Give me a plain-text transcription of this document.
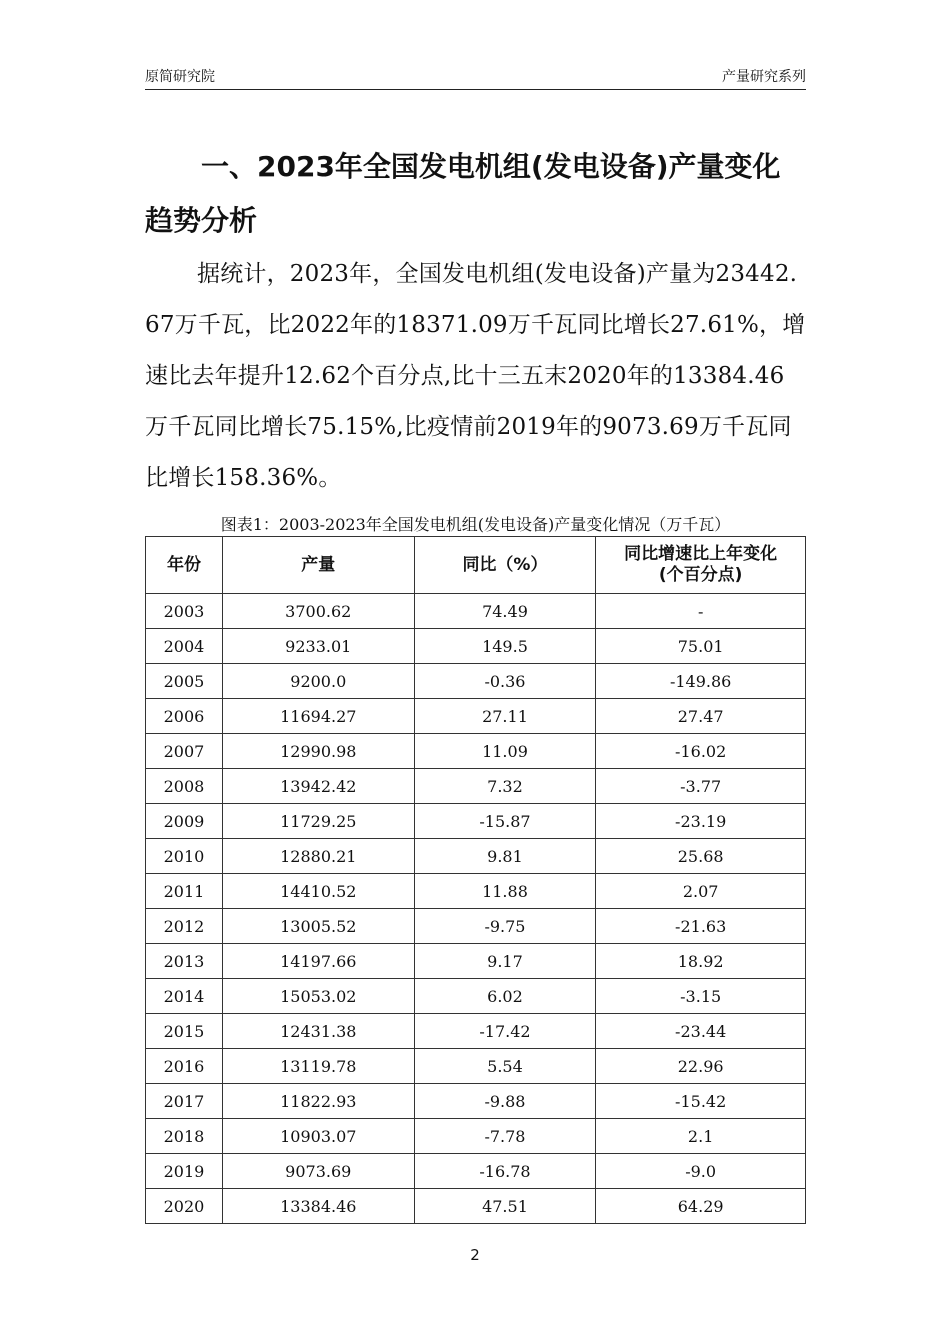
原简研究院	产量研究系列
一、2023年全国发电机组(发电设备)产量变化趋势分析

据统计，2023年，全国发电机组(发电设备)产量为23442.67万千瓦，比2022年的18371.09万千瓦同比增长27.61%，增速比去年提升12.62个百分点,比十三五末2020年的13384.46万千瓦同比增长75.15%,比疫情前2019年的9073.69万千瓦同比增长158.36%。

图表1：2003-2023年全国发电机组(发电设备)产量变化情况（万千瓦）
年份	产量	同比（%）	同比增速比上年变化
(个百分点)
2003	3700.62	74.49	-
2004	9233.01	149.5	75.01
2005	9200.0	-0.36	-149.86
2006	11694.27	27.11	27.47
2007	12990.98	11.09	-16.02
2008	13942.42	7.32	-3.77
2009	11729.25	-15.87	-23.19
2010	12880.21	9.81	25.68
2011	14410.52	11.88	2.07
2012	13005.52	-9.75	-21.63
2013	14197.66	9.17	18.92
2014	15053.02	6.02	-3.15
2015	12431.38	-17.42	-23.44
2016	13119.78	5.54	22.96
2017	11822.93	-9.88	-15.42
2018	10903.07	-7.78	2.1
2019	9073.69	-16.78	-9.0
2020	13384.46	47.51	64.29
2
